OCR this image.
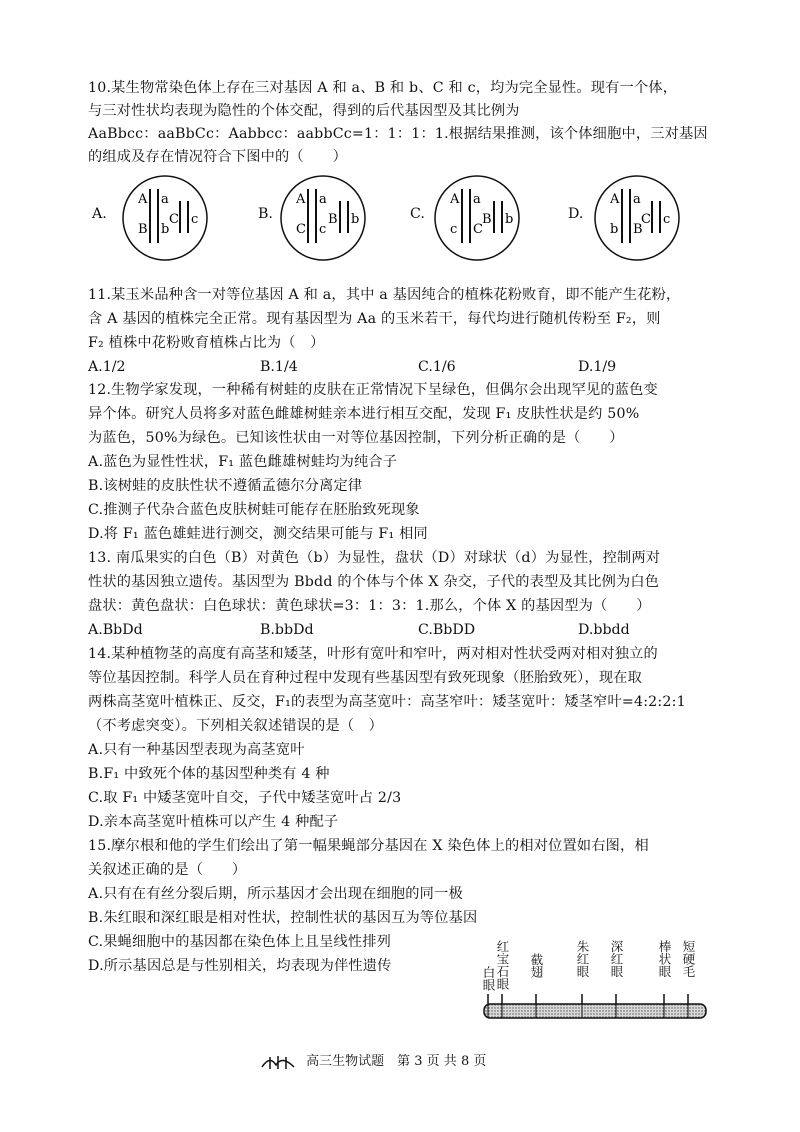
10.某生物常染色体上存在三对基因 A 和 a、B 和 b、C 和 c，均为完全显性。现有一个体，
与三对性状均表现为隐性的个体交配，得到的后代基因型及其比例为
AaBbcc：aaBbCc：Aabbcc：aabbCc=1：1：1：1.根据结果推测，该个体细胞中，三对基因
的组成及存在情况符合下图中的（　　）
A.
A a
B b
C c	B.
A a
C c
B b	C.
A a
c C
B b	D.
A a
b B
C c
11.某玉米品种含一对等位基因 A 和 a，其中 a 基因纯合的植株花粉败育，即不能产生花粉，
含 A 基因的植株完全正常。现有基因型为 Aa 的玉米若干，每代均进行随机传粉至 F₂，则
F₂ 植株中花粉败育植株占比为（　）
A.1/2	B.1/4	C.1/6	D.1/9
12.生物学家发现，一种稀有树蛙的皮肤在正常情况下呈绿色，但偶尔会出现罕见的蓝色变
异个体。研究人员将多对蓝色雌雄树蛙亲本进行相互交配，发现 F₁ 皮肤性状是约 50%
为蓝色，50%为绿色。已知该性状由一对等位基因控制，下列分析正确的是（　　）
A.蓝色为显性性状，F₁ 蓝色雌雄树蛙均为纯合子
B.该树蛙的皮肤性状不遵循孟德尔分离定律
C.推测子代杂合蓝色皮肤树蛙可能存在胚胎致死现象
D.将 F₁ 蓝色雄蛙进行测交，测交结果可能与 F₁ 相同
13. 南瓜果实的白色（B）对黄色（b）为显性，盘状（D）对球状（d）为显性，控制两对
性状的基因独立遗传。基因型为 Bbdd 的个体与个体 X 杂交，子代的表型及其比例为白色
盘状：黄色盘状：白色球状：黄色球状=3：1：3：1.那么，个体 X 的基因型为（　　）
A.BbDd	B.bbDd	C.BbDD	D.bbdd
14.某种植物茎的高度有高茎和矮茎，叶形有宽叶和窄叶，两对相对性状受两对相对独立的
等位基因控制。科学人员在育种过程中发现有些基因型有致死现象（胚胎致死），现在取
两株高茎宽叶植株正、反交，F₁的表型为高茎宽叶：高茎窄叶：矮茎宽叶：矮茎窄叶=4:2:2:1
（不考虑突变）。下列相关叙述错误的是（　）
A.只有一种基因型表现为高茎宽叶
B.F₁ 中致死个体的基因型种类有 4 种
C.取 F₁ 中矮茎宽叶自交，子代中矮茎宽叶占 2/3
D.亲本高茎宽叶植株可以产生 4 种配子
15.摩尔根和他的学生们绘出了第一幅果蝇部分基因在 X 染色体上的相对位置如右图，相
关叙述正确的是（　　）
A.只有在有丝分裂后期，所示基因才会出现在细胞的同一极
B.朱红眼和深红眼是相对性状，控制性状的基因互为等位基因
C.果蝇细胞中的基因都在染色体上且呈线性排列
D.所示基因总是与性别相关，均表现为伴性遗传	白眼 红宝石眼 截翅 朱红眼 深红眼	棒状眼 短硬毛
高三生物试题　第 3 页 共 8 页
